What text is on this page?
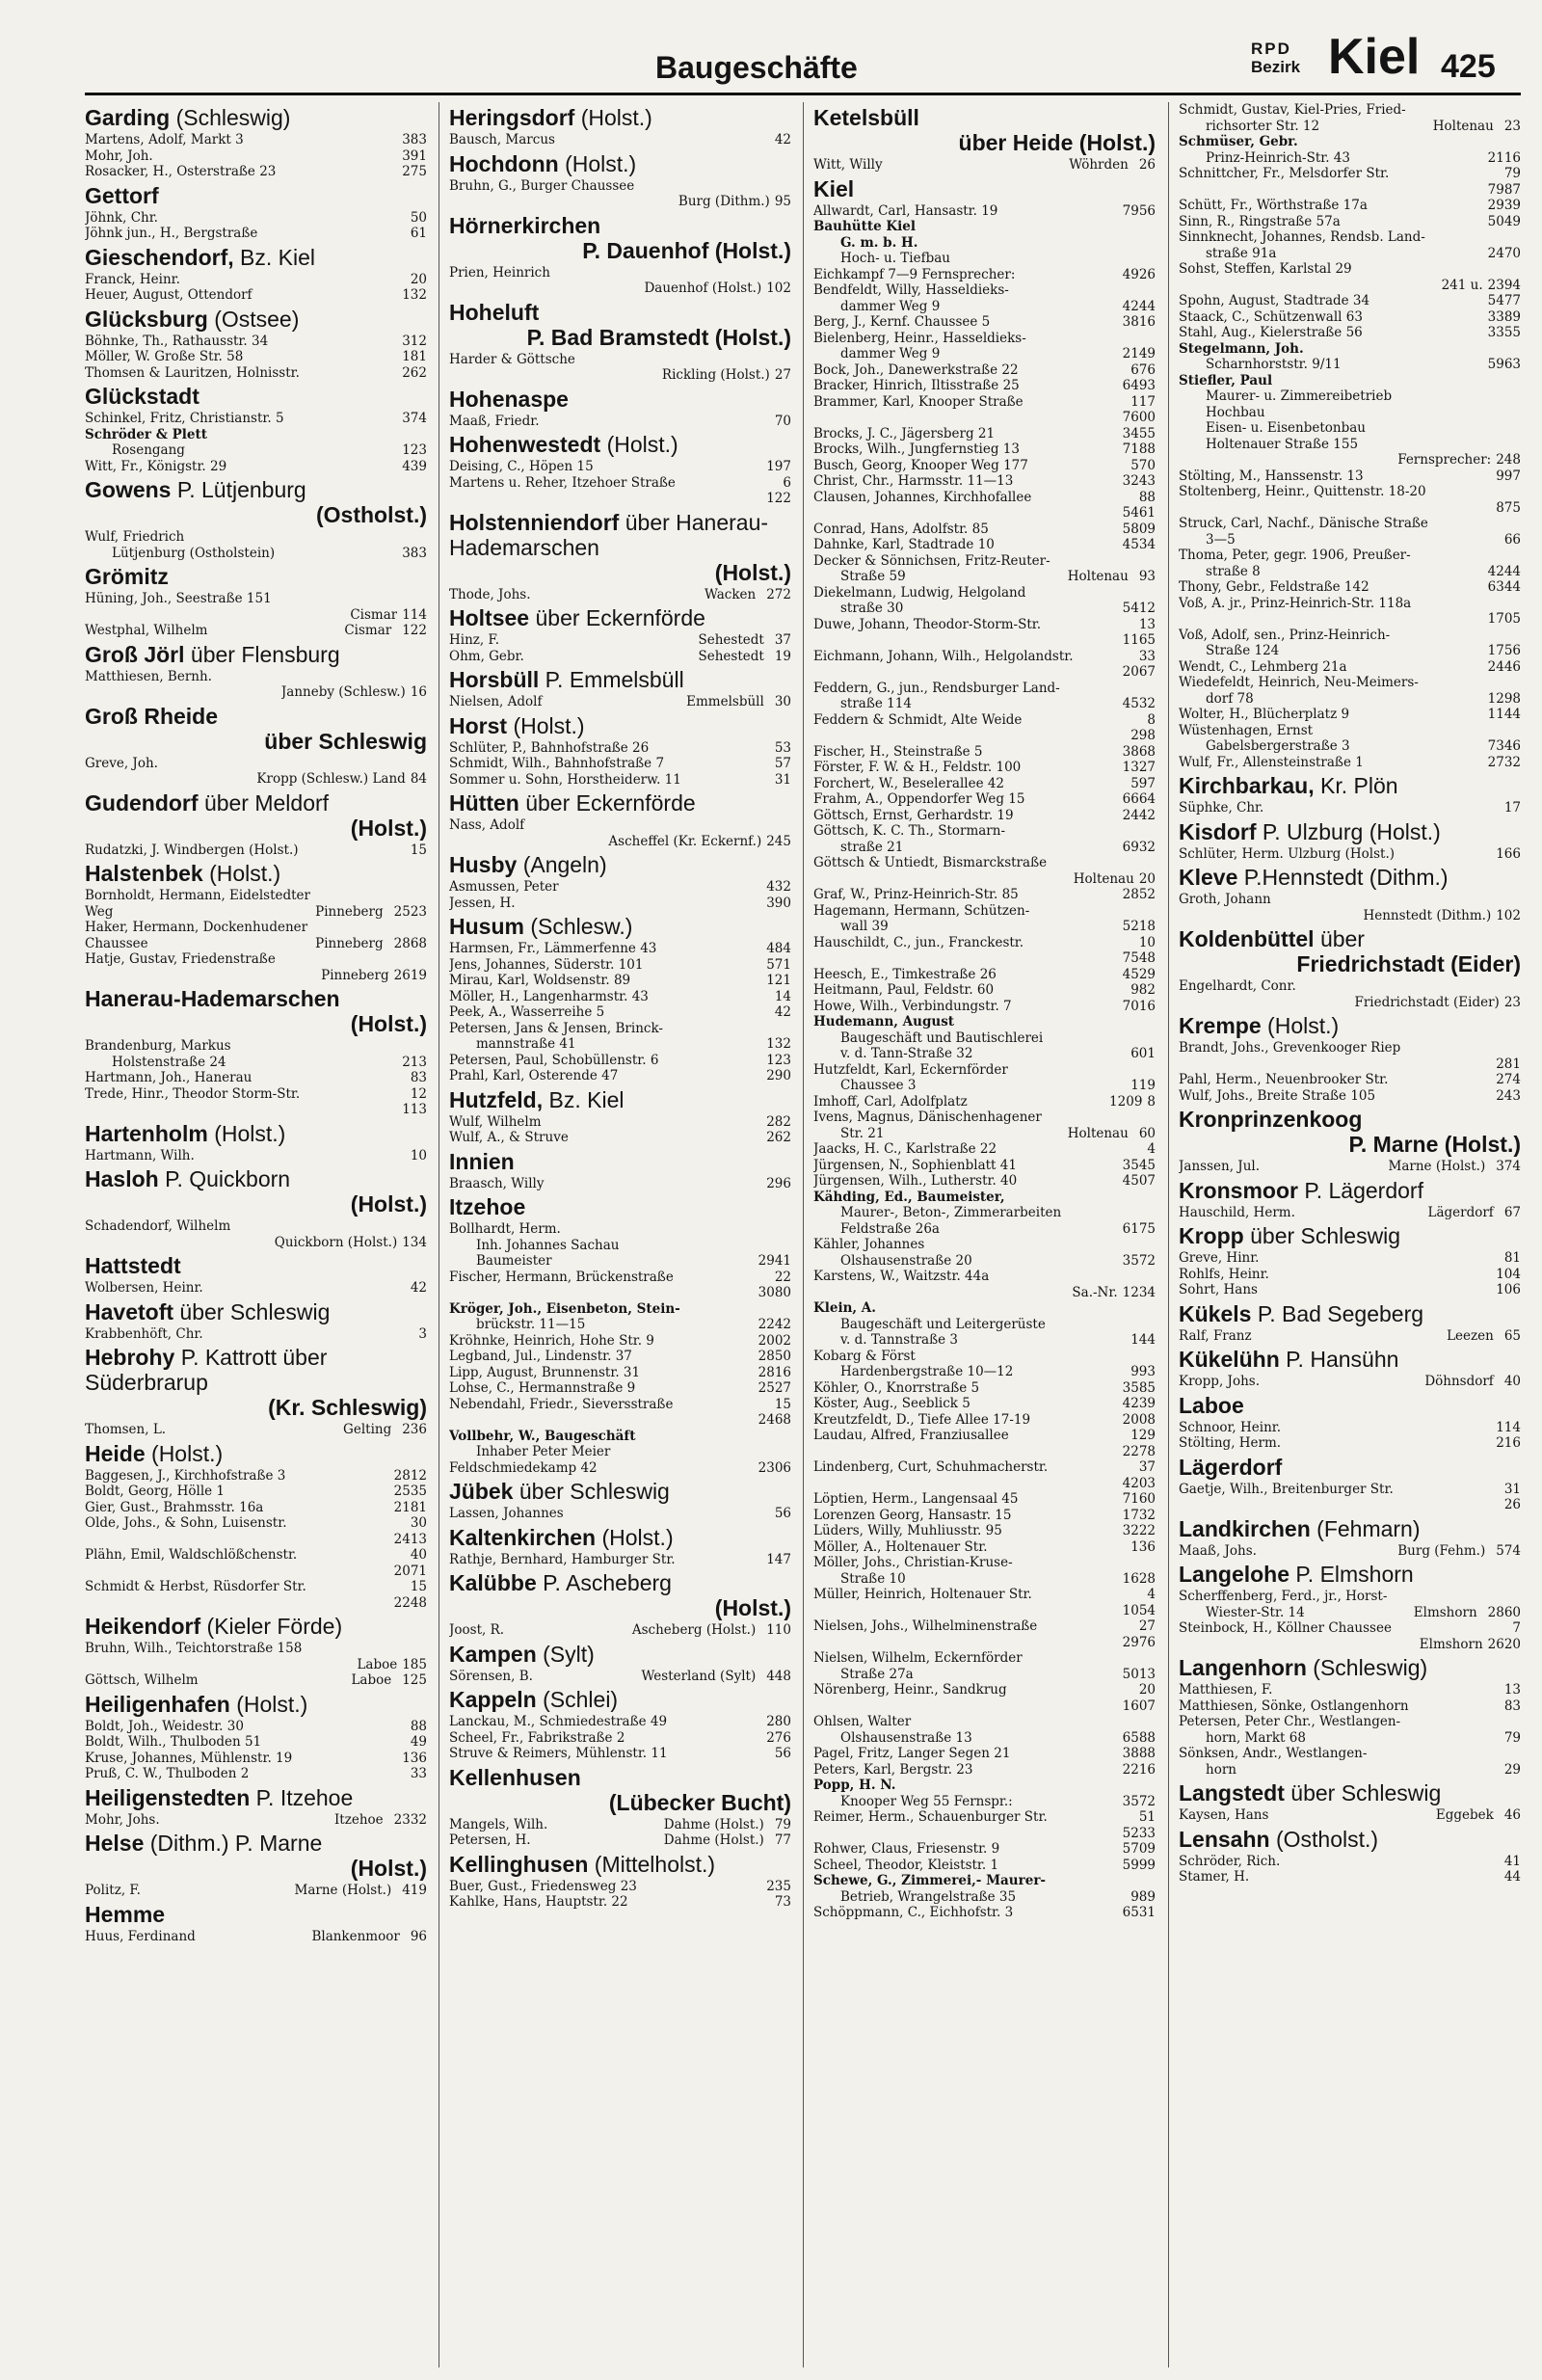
Baugeschäfte
RPD
Bezirk Kiel 425
Garding (Schleswig)
Martens, Adolf, Markt 3	383
Mohr, Joh.	391
Rosacker, H., Osterstraße 23	275
Gettorf
Jöhnk, Chr.	50
Jöhnk jun., H., Bergstraße	61
Gieschendorf, Bz. Kiel
Franck, Heinr.	20
Heuer, August, Ottendorf	132
Glücksburg (Ostsee)
Böhnke, Th., Rathausstr. 34	312
Möller, W. Große Str. 58	181
Thomsen & Lauritzen, Holnisstr.	262
Glückstadt
Schinkel, Fritz, Christianstr. 5	374
Schröder & Plett
Rosengang	123
Witt, Fr., Königstr. 29	439
Gowens P. Lütjenburg
(Ostholst.)
Wulf, Friedrich
Lütjenburg (Ostholstein)	383
Grömitz
Hüning, Joh., Seestraße 151
Cismar 114
Westphal, Wilhelm	Cismar 122
Groß Jörl über Flensburg
Matthiesen, Bernh.
Janneby (Schlesw.) 16
Groß Rheide
über Schleswig
Greve, Joh.
Kropp (Schlesw.) Land 84
Gudendorf über Meldorf
(Holst.)
Rudatzki, J. Windbergen (Holst.)	15
Halstenbek (Holst.)
Bornholdt, Hermann, Eidelstedter
Weg	Pinneberg 2523
Haker, Hermann, Dockenhudener
Chaussee	Pinneberg 2868
Hatje, Gustav, Friedenstraße
Pinneberg 2619
Hanerau-Hademarschen
(Holst.)
Brandenburg, Markus
Holstenstraße 24	213
Hartmann, Joh., Hanerau	83
Trede, Hinr., Theodor Storm-Str.	12
113
Hartenholm (Holst.)
Hartmann, Wilh.	10
Hasloh P. Quickborn
(Holst.)
Schadendorf, Wilhelm
Quickborn (Holst.) 134
Hattstedt
Wolbersen, Heinr.	42
Havetoft über Schleswig
Krabbenhöft, Chr.	3
Hebrohy P. Kattrott über Süderbrarup
(Kr. Schleswig)
Thomsen, L.	Gelting 236
Heide (Holst.)
Baggesen, J., Kirchhofstraße 3	2812
Boldt, Georg, Hölle 1	2535
Gier, Gust., Brahmsstr. 16a	2181
Olde, Johs., & Sohn, Luisenstr.	30
2413
Plähn, Emil, Waldschlößchenstr.	40
2071
Schmidt & Herbst, Rüsdorfer Str.	15
2248
Heikendorf (Kieler Förde)
Bruhn, Wilh., Teichtorstraße 158
Laboe 185
Göttsch, Wilhelm	Laboe 125
Heiligenhafen (Holst.)
Boldt, Joh., Weidestr. 30	88
Boldt, Wilh., Thulboden 51	49
Kruse, Johannes, Mühlenstr. 19	136
Pruß, C. W., Thulboden 2	33
Heiligenstedten P. Itzehoe
Mohr, Johs.	Itzehoe 2332
Helse (Dithm.) P. Marne
(Holst.)
Politz, F.	Marne (Holst.) 419
Hemme
Huus, Ferdinand	Blankenmoor 96
Heringsdorf (Holst.)
Bausch, Marcus	42
Hochdonn (Holst.)
Bruhn, G., Burger Chaussee
Burg (Dithm.) 95
Hörnerkirchen
P. Dauenhof (Holst.)
Prien, Heinrich
Dauenhof (Holst.) 102
Hoheluft
P. Bad Bramstedt (Holst.)
Harder & Göttsche
Rickling (Holst.) 27
Hohenaspe
Maaß, Friedr.	70
Hohenwestedt (Holst.)
Deising, C., Höpen 15	197
Martens u. Reher, Itzehoer Straße	6
122
Holstenniendorf über Hanerau-Hademarschen
(Holst.)
Thode, Johs.	Wacken 272
Holtsee über Eckernförde
Hinz, F.	Sehestedt 37
Ohm, Gebr.	Sehestedt 19
Horsbüll P. Emmelsbüll
Nielsen, Adolf	Emmelsbüll 30
Horst (Holst.)
Schlüter, P., Bahnhofstraße 26	53
Schmidt, Wilh., Bahnhofstraße 7	57
Sommer u. Sohn, Horstheiderw. 11	31
Hütten über Eckernförde
Nass, Adolf
Ascheffel (Kr. Eckernf.) 245
Husby (Angeln)
Asmussen, Peter	432
Jessen, H.	390
Husum (Schlesw.)
Harmsen, Fr., Lämmerfenne 43	484
Jens, Johannes, Süderstr. 101	571
Mirau, Karl, Woldsenstr. 89	121
Möller, H., Langenharmstr. 43	14
Peek, A., Wasserreihe 5	42
Petersen, Jans & Jensen, Brinck-
mannstraße 41	132
Petersen, Paul, Schobüllenstr. 6	123
Prahl, Karl, Osterende 47	290
Hutzfeld, Bz. Kiel
Wulf, Wilhelm	282
Wulf, A., & Struve	262
Innien
Braasch, Willy	296
Itzehoe
Bollhardt, Herm.
Inh. Johannes Sachau
Baumeister	2941
Fischer, Hermann, Brückenstraße	22
3080
Kröger, Joh., Eisenbeton, Stein-
brückstr. 11—15	2242
Kröhnke, Heinrich, Hohe Str. 9	2002
Legband, Jul., Lindenstr. 37	2850
Lipp, August, Brunnenstr. 31	2816
Lohse, C., Hermannstraße 9	2527
Nebendahl, Friedr., Sieversstraße	15
2468
Vollbehr, W., Baugeschäft
Inhaber Peter Meier
Feldschmiedekamp 42	2306
Jübek über Schleswig
Lassen, Johannes	56
Kaltenkirchen (Holst.)
Rathje, Bernhard, Hamburger Str.	147
Kalübbe P. Ascheberg
(Holst.)
Joost, R.	Ascheberg (Holst.) 110
Kampen (Sylt)
Sörensen, B.	Westerland (Sylt) 448
Kappeln (Schlei)
Lanckau, M., Schmiedestraße 49	280
Scheel, Fr., Fabrikstraße 2	276
Struve & Reimers, Mühlenstr. 11	56
Kellenhusen
(Lübecker Bucht)
Mangels, Wilh.	Dahme (Holst.) 79
Petersen, H.	Dahme (Holst.) 77
Kellinghusen (Mittelholst.)
Buer, Gust., Friedensweg 23	235
Kahlke, Hans, Hauptstr. 22	73
Ketelsbüll
über Heide (Holst.)
Witt, Willy	Wöhrden 26
Kiel
Allwardt, Carl, Hansastr. 19	7956
Bauhütte Kiel
G. m. b. H.
Hoch- u. Tiefbau
Eichkampf 7—9 Fernsprecher:	4926
Bendfeldt, Willy, Hasseldieks-
dammer Weg 9	4244
Berg, J., Kernf. Chaussee 5	3816
Bielenberg, Heinr., Hasseldieks-
dammer Weg 9	2149
Bock, Joh., Danewerkstraße 22	676
Bracker, Hinrich, Iltisstraße 25	6493
Brammer, Karl, Knooper Straße	117
7600
Brocks, J. C., Jägersberg 21	3455
Brocks, Wilh., Jungfernstieg 13	7188
Busch, Georg, Knooper Weg 177	570
Christ, Chr., Harmsstr. 11—13	3243
Clausen, Johannes, Kirchhofallee	88
5461
Conrad, Hans, Adolfstr. 85	5809
Dahnke, Karl, Stadtrade 10	4534
Decker & Sönnichsen, Fritz-Reuter-
Straße 59	Holtenau 93
Diekelmann, Ludwig, Helgoland
straße 30	5412
Duwe, Johann, Theodor-Storm-Str.	13
1165
Eichmann, Johann, Wilh., Helgolandstr.	33
2067
Feddern, G., jun., Rendsburger Land-
straße 114	4532
Feddern & Schmidt, Alte Weide	8
298
Fischer, H., Steinstraße 5	3868
Förster, F. W. & H., Feldstr. 100	1327
Forchert, W., Beselerallee 42	597
Frahm, A., Oppendorfer Weg 15	6664
Göttsch, Ernst, Gerhardstr. 19	2442
Göttsch, K. C. Th., Stormarn-
straße 21	6932
Göttsch & Untiedt, Bismarckstraße
Holtenau 20
Graf, W., Prinz-Heinrich-Str. 85	2852
Hagemann, Hermann, Schützen-
wall 39	5218
Hauschildt, C., jun., Franckestr.	10
7548
Heesch, E., Timkestraße 26	4529
Heitmann, Paul, Feldstr. 60	982
Howe, Wilh., Verbindungstr. 7	7016
Hudemann, August
Baugeschäft und Bautischlerei
v. d. Tann-Straße 32	601
Hutzfeldt, Karl, Eckernförder
Chaussee 3	119
Imhoff, Carl, Adolfplatz	1209 8
Ivens, Magnus, Dänischenhagener
Str. 21	Holtenau 60
Jaacks, H. C., Karlstraße 22	4
Jürgensen, N., Sophienblatt 41	3545
Jürgensen, Wilh., Lutherstr. 40	4507
Kähding, Ed., Baumeister,
Maurer-, Beton-, Zimmerarbeiten
Feldstraße 26a	6175
Kähler, Johannes
Olshausenstraße 20	3572
Karstens, W., Waitzstr. 44a
Sa.-Nr. 1234
Klein, A.
Baugeschäft und Leitergerüste
v. d. Tannstraße 3	144
Kobarg & Först
Hardenbergstraße 10—12	993
Köhler, O., Knorrstraße 5	3585
Köster, Aug., Seeblick 5	4239
Kreutzfeldt, D., Tiefe Allee 17-19	2008
Laudau, Alfred, Franziusallee	129
2278
Lindenberg, Curt, Schuhmacherstr.	37
4203
Löptien, Herm., Langensaal 45	7160
Lorenzen Georg, Hansastr. 15	1732
Lüders, Willy, Muhliusstr. 95	3222
Möller, A., Holtenauer Str.	136
Möller, Johs., Christian-Kruse-
Straße 10	1628
Müller, Heinrich, Holtenauer Str.	4
1054
Nielsen, Johs., Wilhelminenstraße	27
2976
Nielsen, Wilhelm, Eckernförder
Straße 27a	5013
Nörenberg, Heinr., Sandkrug	20
1607
Ohlsen, Walter
Olshausenstraße 13	6588
Pagel, Fritz, Langer Segen 21	3888
Peters, Karl, Bergstr. 23	2216
Popp, H. N.
Knooper Weg 55 Fernspr.:	3572
Reimer, Herm., Schauenburger Str.	51
5233
Rohwer, Claus, Friesenstr. 9	5709
Scheel, Theodor, Kleiststr. 1	5999
Schewe, G., Zimmerei,- Maurer-
Betrieb, Wrangelstraße 35	989
Schöppmann, C., Eichhofstr. 3	6531
Schmidt, Gustav, Kiel-Pries, Fried-
richsorter Str. 12	Holtenau 23
Schmüser, Gebr.
Prinz-Heinrich-Str. 43	2116
Schnittcher, Fr., Melsdorfer Str.	79
7987
Schütt, Fr., Wörthstraße 17a	2939
Sinn, R., Ringstraße 57a	5049
Sinnknecht, Johannes, Rendsb. Land-
straße 91a	2470
Sohst, Steffen, Karlstal 29
241 u. 2394
Spohn, August, Stadtrade 34	5477
Staack, C., Schützenwall 63	3389
Stahl, Aug., Kielerstraße 56	3355
Stegelmann, Joh.
Scharnhorststr. 9/11	5963
Stiefler, Paul
Maurer- u. Zimmereibetrieb
Hochbau
Eisen- u. Eisenbetonbau
Holtenauer Straße 155
Fernsprecher: 248
Stölting, M., Hanssenstr. 13	997
Stoltenberg, Heinr., Quittenstr. 18-20
875
Struck, Carl, Nachf., Dänische Straße
3—5	66
Thoma, Peter, gegr. 1906, Preußer-
straße 8	4244
Thony, Gebr., Feldstraße 142	6344
Voß, A. jr., Prinz-Heinrich-Str. 118a
1705
Voß, Adolf, sen., Prinz-Heinrich-
Straße 124	1756
Wendt, C., Lehmberg 21a	2446
Wiedefeldt, Heinrich, Neu-Meimers-
dorf 78	1298
Wolter, H., Blücherplatz 9	1144
Wüstenhagen, Ernst
Gabelsbergerstraße 3	7346
Wulf, Fr., Allensteinstraße 1	2732
Kirchbarkau, Kr. Plön
Süphke, Chr.	17
Kisdorf P. Ulzburg (Holst.)
Schlüter, Herm. Ulzburg (Holst.)	166
Kleve P.Hennstedt (Dithm.)
Groth, Johann
Hennstedt (Dithm.) 102
Koldenbüttel über
Friedrichstadt (Eider)
Engelhardt, Conr.
Friedrichstadt (Eider) 23
Krempe (Holst.)
Brandt, Johs., Grevenkooger Riep
281
Pahl, Herm., Neuenbrooker Str.	274
Wulf, Johs., Breite Straße 105	243
Kronprinzenkoog
P. Marne (Holst.)
Janssen, Jul.	Marne (Holst.) 374
Kronsmoor P. Lägerdorf
Hauschild, Herm.	Lägerdorf 67
Kropp über Schleswig
Greve, Hinr.	81
Rohlfs, Heinr.	104
Sohrt, Hans	106
Kükels P. Bad Segeberg
Ralf, Franz	Leezen 65
Kükelühn P. Hansühn
Kropp, Johs.	Döhnsdorf 40
Laboe
Schnoor, Heinr.	114
Stölting, Herm.	216
Lägerdorf
Gaetje, Wilh., Breitenburger Str.	31
26
Landkirchen (Fehmarn)
Maaß, Johs.	Burg (Fehm.) 574
Langelohe P. Elmshorn
Scherffenberg, Ferd., jr., Horst-
Wiester-Str. 14	Elmshorn 2860
Steinbock, H., Köllner Chaussee	7
Elmshorn 2620
Langenhorn (Schleswig)
Matthiesen, F.	13
Matthiesen, Sönke, Ostlangenhorn	83
Petersen, Peter Chr., Westlangen-
horn, Markt 68	79
Sönksen, Andr., Westlangen-
horn	29
Langstedt über Schleswig
Kaysen, Hans	Eggebek 46
Lensahn (Ostholst.)
Schröder, Rich.	41
Stamer, H.	44
